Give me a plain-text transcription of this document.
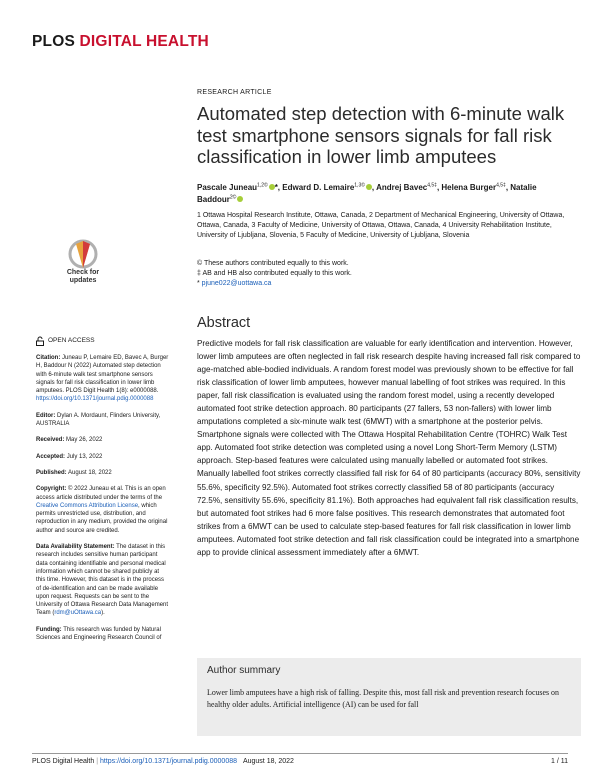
PLOS DIGITAL HEALTH
RESEARCH ARTICLE
Automated step detection with 6-minute walk test smartphone sensors signals for fall risk classification in lower limb amputees
Pascale Juneau$^{1,2©}$ *, Edward D. Lemaire$^{1,3©}$ , Andrej Bavec$^{4,5\ddagger}$, Helena Burger$^{4,5\ddagger}$, Natalie Baddour$^{2©}$
1 Ottawa Hospital Research Institute, Ottawa, Canada, 2 Department of Mechanical Engineering, University of Ottawa, Ottawa, Canada, 3 Faculty of Medicine, University of Ottawa, Ottawa, Canada, 4 University Rehabilitation Institute, University of Ljubljana, Slovenia, 5 Faculty of Medicine, University of Ljubljana, Slovenia
© These authors contributed equally to this work.
‡ AB and HB also contributed equally to this work.
* pjune022@uottawa.ca
Check for
updates
OPEN ACCESS
Citation: Juneau P, Lemaire ED, Bavec A, Burger H, Baddour N (2022) Automated step detection with 6-minute walk test smartphone sensors signals for fall risk classification in lower limb amputees. PLOS Digit Health 1(8): e0000088. https://doi.org/10.1371/journal.pdig.0000088
Editor: Dylan A. Mordaunt, Flinders University, AUSTRALIA
Received: May 26, 2022
Accepted: July 13, 2022
Published: August 18, 2022
Copyright: © 2022 Juneau et al. This is an open access article distributed under the terms of the Creative Commons Attribution License, which permits unrestricted use, distribution, and reproduction in any medium, provided the original author and source are credited.
Data Availability Statement: The dataset in this research includes sensitive human participant data containing identifiable and personal medical information which cannot be shared publicly at this time. However, this dataset is in the process of de-identification and can be made available upon request. Requests can be sent to the University of Ottawa Research Data Management Team (rdm@uOttawa.ca).
Funding: This research was funded by Natural Sciences and Engineering Research Council of
Abstract
Predictive models for fall risk classification are valuable for early identification and intervention. However, lower limb amputees are often neglected in fall risk research despite having increased fall risk compared to age-matched able-bodied individuals. A random forest model was previously shown to be effective for fall risk classification of lower limb amputees, however manual labelling of foot strikes was required. In this paper, fall risk classification is evaluated using the random forest model, using a recently developed automated foot strike detection approach. 80 participants (27 fallers, 53 non-fallers) with lower limb amputations completed a six-minute walk test (6MWT) with a smartphone at the posterior pelvis. Smartphone signals were collected with The Ottawa Hospital Rehabilitation Centre (TOHRC) Walk Test app. Automated foot strike detection was completed using a novel Long Short-Term Memory (LSTM) approach. Step-based features were calculated using manually labelled or automated foot strikes. Manually labelled foot strikes correctly classified fall risk for 64 of 80 participants (accuracy 80%, sensitivity 55.6%, specificity 92.5%). Automated foot strikes correctly classified 58 of 80 participants (accuracy 72.5%, sensitivity 55.6%, specificity 81.1%). Both approaches had equivalent fall risk classification results, but automated foot strikes had 6 more false positives. This research demonstrates that automated foot strikes from a 6MWT can be used to calculate step-based features for fall risk classification in lower limb amputees. Automated foot strike detection and fall risk classification could be integrated into a smartphone app to provide clinical assessment immediately after a 6MWT.
Author summary
Lower limb amputees have a high risk of falling. Despite this, most fall risk and prevention research focuses on healthy older adults. Artificial intelligence (AI) can be used for fall
PLOS Digital Health | https://doi.org/10.1371/journal.pdig.0000088 August 18, 2022	1 / 11
